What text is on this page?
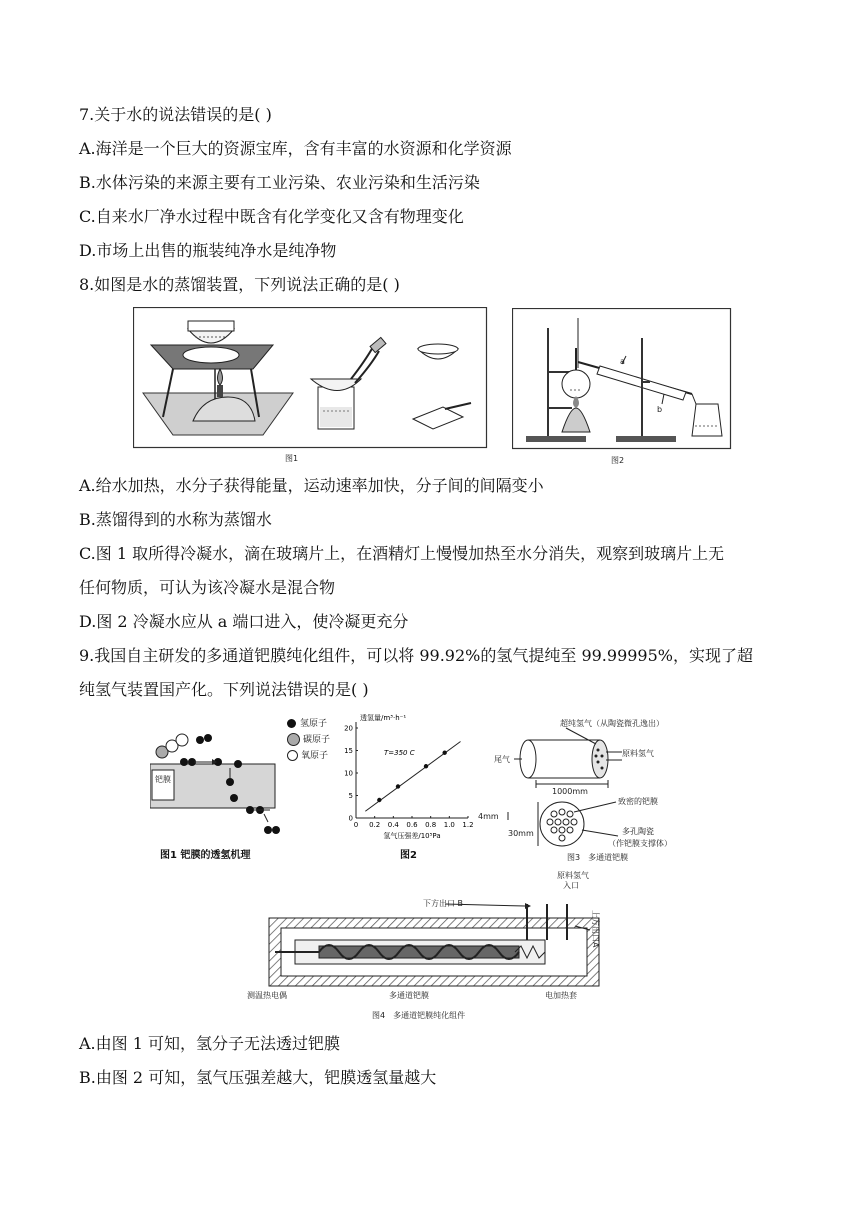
7.关于水的说法错误的是( )
A.海洋是一个巨大的资源宝库，含有丰富的水资源和化学资源
B.水体污染的来源主要有工业污染、农业污染和生活污染
C.自来水厂净水过程中既含有化学变化又含有物理变化
D.市场上出售的瓶装纯净水是纯净物
8.如图是水的蒸馏装置，下列说法正确的是( )
图1
a
b
图2
A.给水加热，水分子获得能量，运动速率加快，分子间的间隔变小
B.蒸馏得到的水称为蒸馏水
C.图 1 取所得冷凝水，滴在玻璃片上，在酒精灯上慢慢加热至水分消失，观察到玻璃片上无
任何物质，可认为该冷凝水是混合物
D.图 2 冷凝水应从 a 端口进入，使冷凝更充分
9.我国自主研发的多通道钯膜纯化组件，可以将 99.92%的氢气提纯至 99.99995%，实现了超
纯氢气装置国产化。下列说法错误的是( )
钯膜
氢原子
碳原子
氧原子
图1 钯膜的透氢机理
0 0.2 0.4 0.6 0.8 1.0 1.2
0
5
10
15
20
透氢量/m³·h⁻¹
氢气压强差/10⁵Pa
T=350 C
图2
超纯氢气（从陶瓷微孔逸出）
尾气
原料氢气
1000mm
4mm
30mm
致密的钯膜
多孔陶瓷
（作钯膜支撑体）
图3　多通道钯膜
下方出口 B
原料氢气
入口
上方出口A
测温热电偶	多通道钯膜	电加热套
图4　多通道钯膜纯化组件
A.由图 1 可知，氢分子无法透过钯膜
B.由图 2 可知，氢气压强差越大，钯膜透氢量越大
